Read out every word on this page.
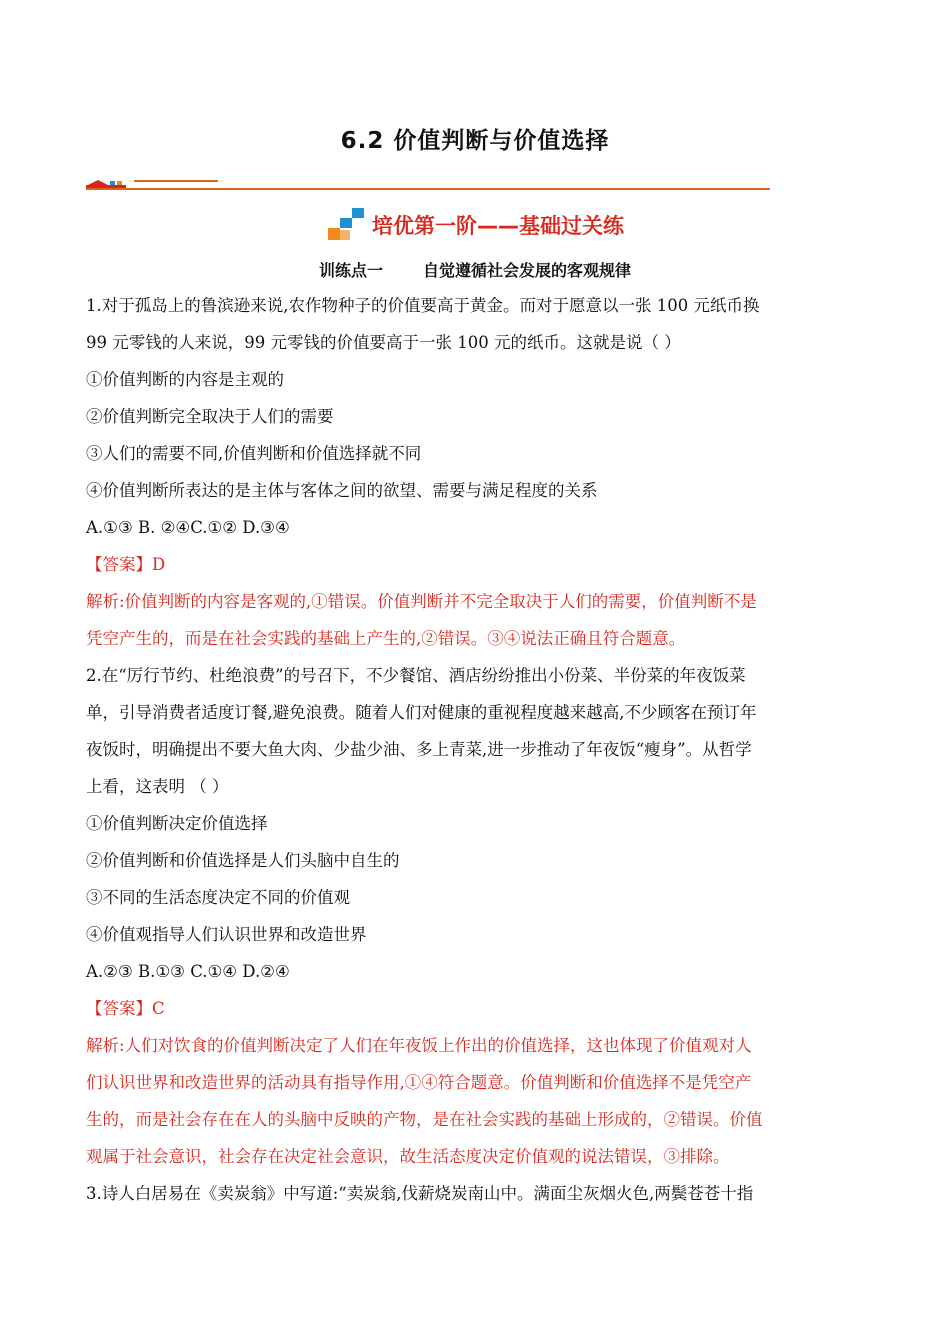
6.2 价值判断与价值选择
培优第一阶——基础过关练
训练点一	自觉遵循社会发展的客观规律

1.对于孤岛上的鲁滨逊来说,农作物种子的价值要高于黄金。而对于愿意以一张 100 元纸币换

99 元零钱的人来说，99 元零钱的价值要高于一张 100 元的纸币。这就是说（ ）

①价值判断的内容是主观的

②价值判断完全取决于人们的需要

③人们的需要不同,价值判断和价值选择就不同

④价值判断所表达的是主体与客体之间的欲望、需要与满足程度的关系

A.①③ B. ②④C.①② D.③④

【答案】D

解析:价值判断的内容是客观的,①错误。价值判断并不完全取决于人们的需要，价值判断不是

凭空产生的，而是在社会实践的基础上产生的,②错误。③④说法正确且符合题意。

2.在“厉行节约、杜绝浪费”的号召下，不少餐馆、酒店纷纷推出小份菜、半份菜的年夜饭菜

单，引导消费者适度订餐,避免浪费。随着人们对健康的重视程度越来越高,不少顾客在预订年

夜饭时，明确提出不要大鱼大肉、少盐少油、多上青菜,进一步推动了年夜饭“瘦身”。从哲学

上看，这表明 （ ）

①价值判断决定价值选择

②价值判断和价值选择是人们头脑中自生的

③不同的生活态度决定不同的价值观

④价值观指导人们认识世界和改造世界

A.②③ B.①③ C.①④ D.②④

【答案】C

解析:人们对饮食的价值判断决定了人们在年夜饭上作出的价值选择，这也体现了价值观对人

们认识世界和改造世界的活动具有指导作用,①④符合题意。价值判断和价值选择不是凭空产

生的，而是社会存在在人的头脑中反映的产物，是在社会实践的基础上形成的，②错误。价值

观属于社会意识，社会存在决定社会意识，故生活态度决定价值观的说法错误，③排除。

3.诗人白居易在《卖炭翁》中写道:“卖炭翁,伐薪烧炭南山中。满面尘灰烟火色,两鬓苍苍十指
